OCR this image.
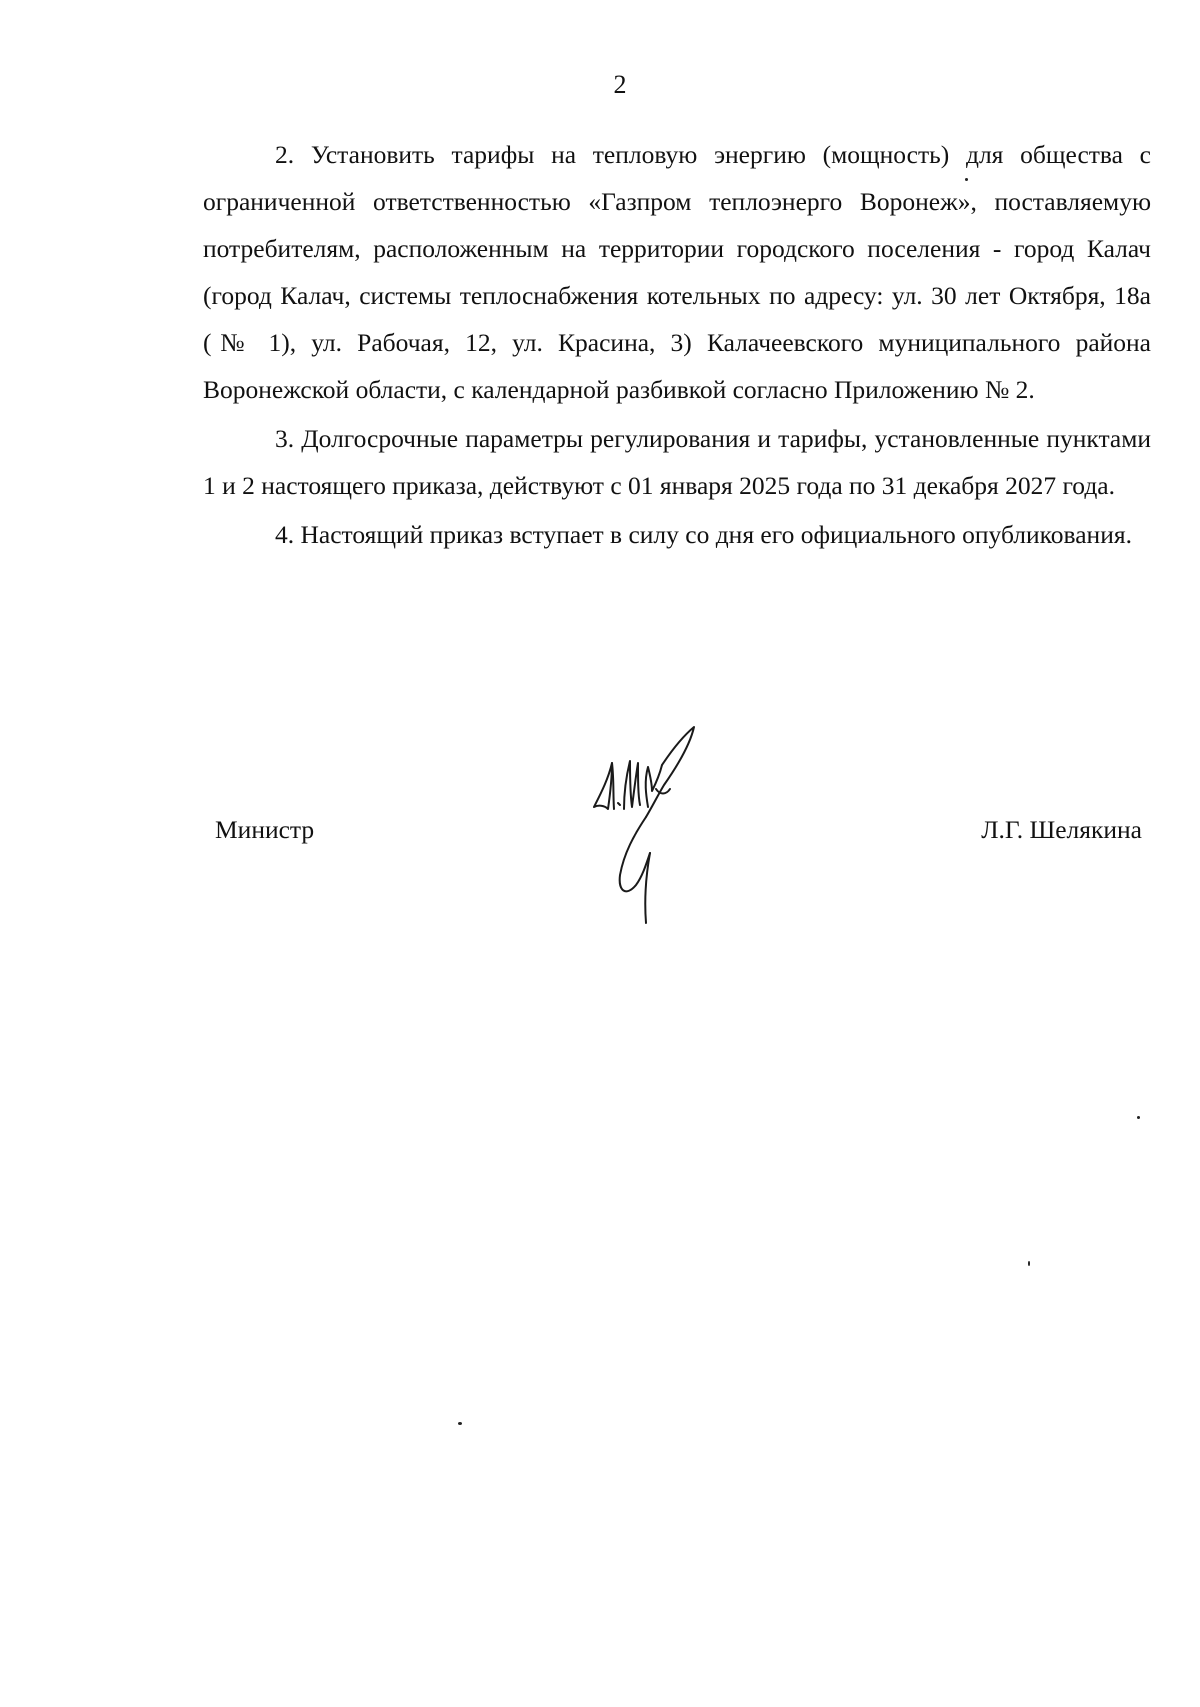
2

2. Установить тарифы на тепловую энергию (мощность) для общества с ограниченной ответственностью «Газпром теплоэнерго Воронеж», поставляемую потребителям, расположенным на территории городского поселения - город Калач (город Калач, системы теплоснабжения котельных по адресу: ул. 30 лет Октября, 18а (№ 1), ул. Рабочая, 12, ул. Красина, 3) Калачеевского муниципального района Воронежской области, с календарной разбивкой согласно Приложению № 2.

3. Долгосрочные параметры регулирования и тарифы, установленные пунктами 1 и 2 настоящего приказа, действуют с 01 января 2025 года по 31 декабря 2027 года.

4. Настоящий приказ вступает в силу со дня его официального опубликования.

Министр	Л.Г. Шелякина
